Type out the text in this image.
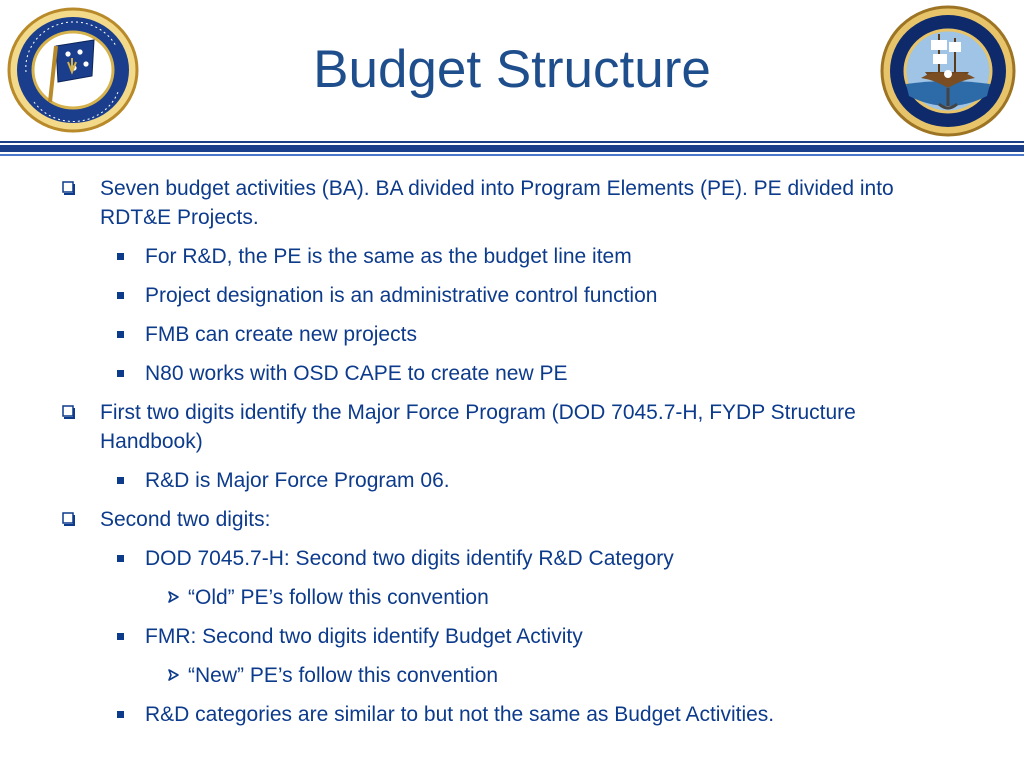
Budget Structure
Seven budget activities (BA). BA divided into Program Elements (PE). PE divided into RDT&E Projects.
For R&D, the PE is the same as the budget line item
Project designation is an administrative control function
FMB can create new projects
N80 works with OSD CAPE to create new PE
First two digits identify the Major Force Program (DOD 7045.7-H, FYDP Structure Handbook)
R&D is Major Force Program 06.
Second two digits:
DOD 7045.7-H: Second two digits identify R&D Category
“Old” PE’s follow this convention
FMR: Second two digits identify Budget Activity
“New” PE’s follow this convention
R&D categories are similar to but not the same as Budget Activities.
